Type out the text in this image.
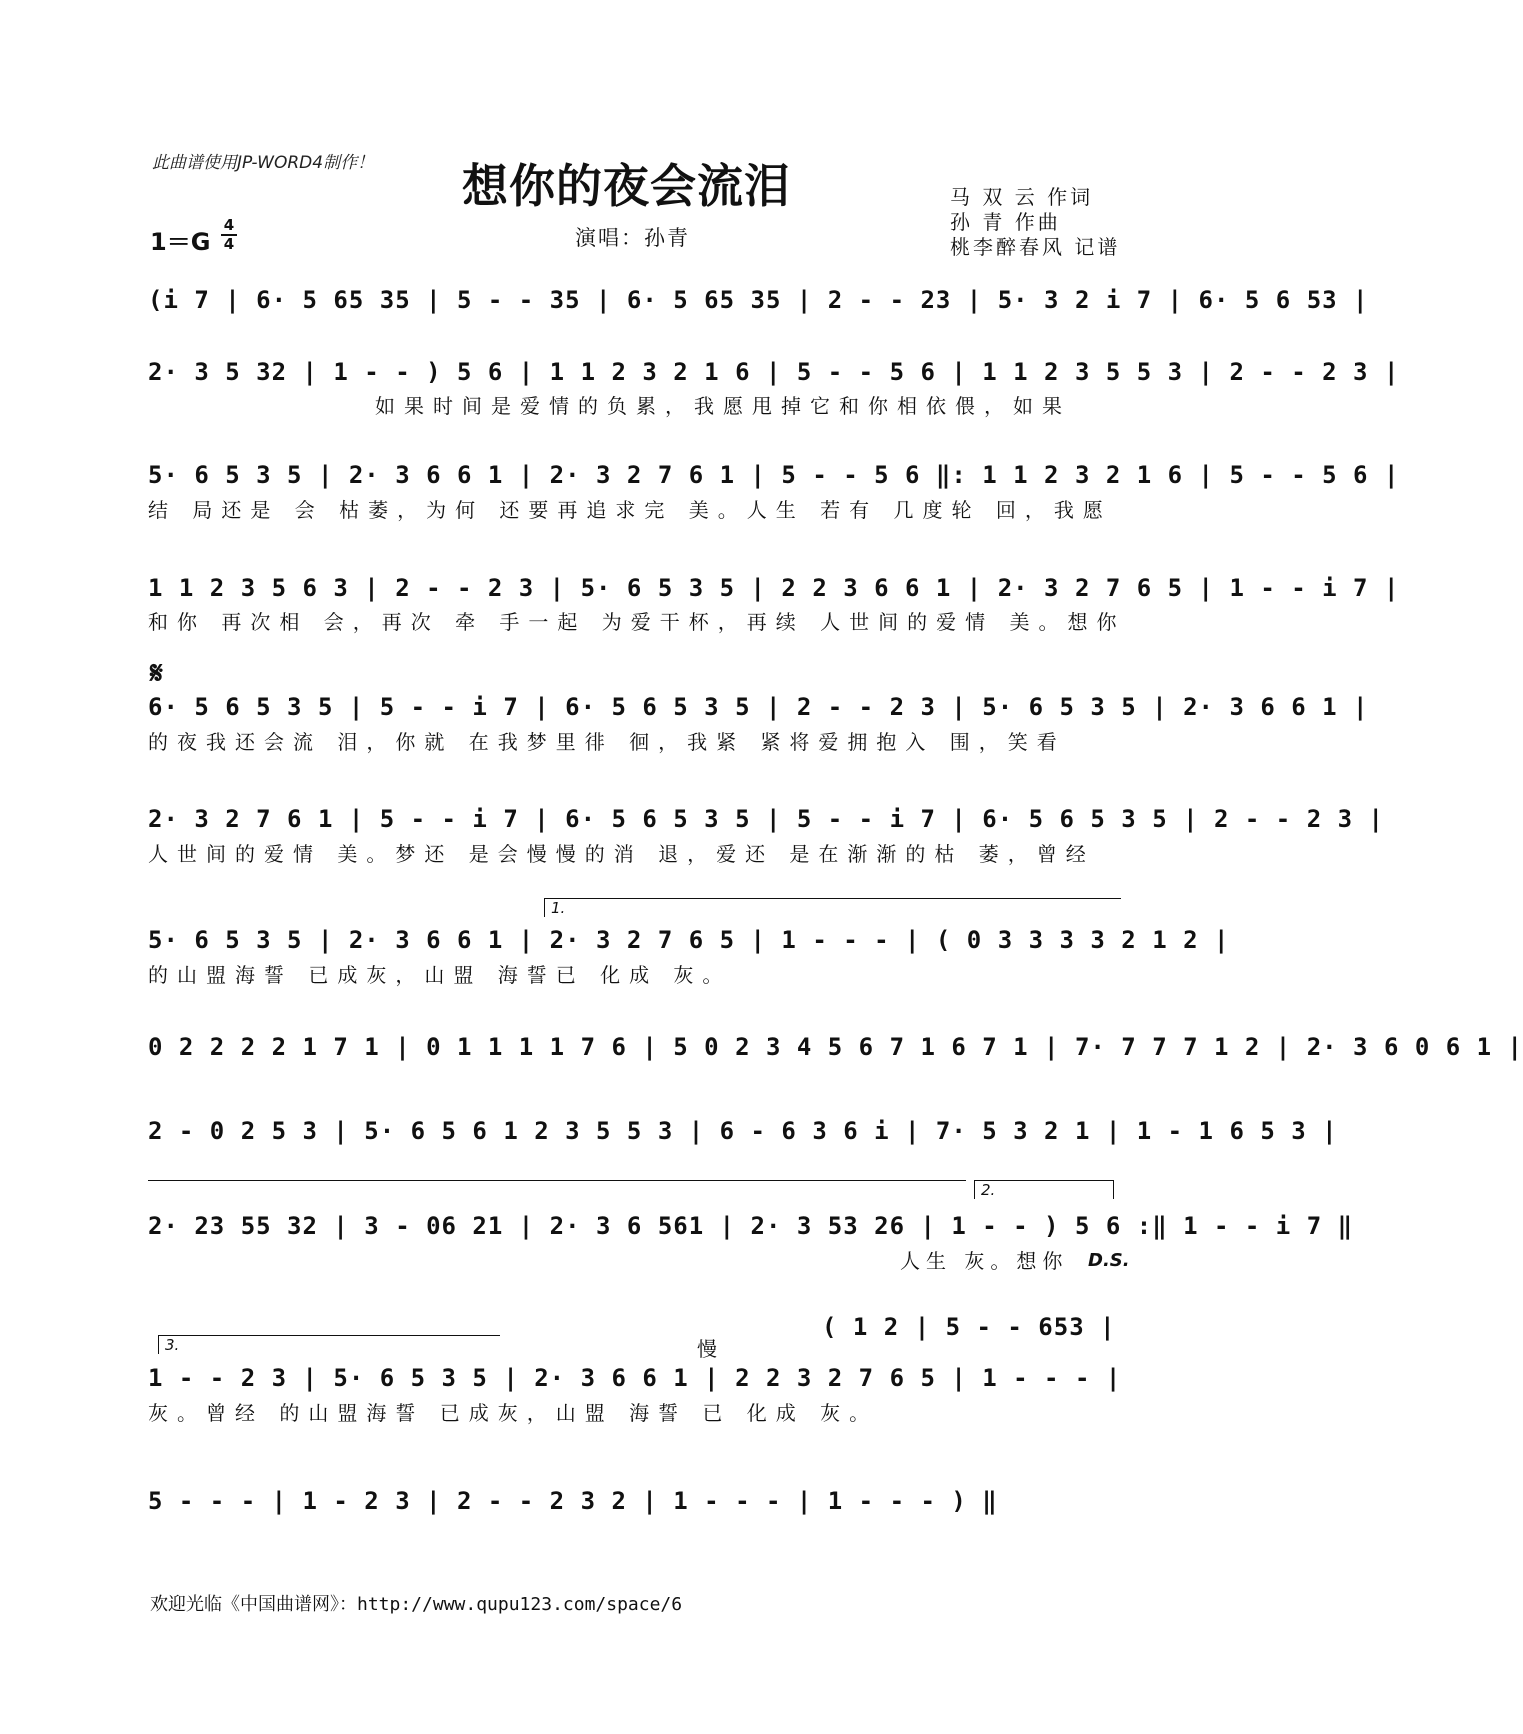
此曲谱使用JP-WORD4制作！ 想你的夜会流泪	马 双 云 作词
孙 青 作曲
桃李醉春风 记谱
1＝G
4
4	演唱：孙青
(i 7 | 6· 5 65 35 | 5 - - 35 | 6· 5 65 35 | 2 - - 23 | 5· 3 2 i 7 | 6· 5 6 53 |
2· 3 5 32 | 1 - - ) 5 6 | 1 1 2 3 2 1 6 | 5 - - 5 6 | 1 1 2 3 5 5 3 | 2 - - 2 3 |
如果时间是爱情的负累，我愿甩掉它和你相依偎，如果
5· 6 5 3 5 | 2· 3 6 6 1 | 2· 3 2 7 6 1 | 5 - - 5 6 ‖: 1 1 2 3 2 1 6 | 5 - - 5 6 |
结 局还是 会 枯萎，为何 还要再追求完 美。人生 若有 几度轮 回，我愿
1 1 2 3 5 6 3 | 2 - - 2 3 | 5· 6 5 3 5 | 2 2 3 6 6 1 | 2· 3 2 7 6 5 | 1 - - i 7 |
和你 再次相 会，再次 牵 手一起 为爱干杯，再续 人世间的爱情 美。想你
𝄋
6· 5 6 5 3 5 | 5 - - i 7 | 6· 5 6 5 3 5 | 2 - - 2 3 | 5· 6 5 3 5 | 2· 3 6 6 1 |
的夜我还会流 泪，你就 在我梦里徘 徊，我紧 紧将爱拥抱入 围，笑看
2· 3 2 7 6 1 | 5 - - i 7 | 6· 5 6 5 3 5 | 5 - - i 7 | 6· 5 6 5 3 5 | 2 - - 2 3 |
人世间的爱情 美。梦还 是会慢慢的消 退，爱还 是在渐渐的枯 萎，曾经
1.
5· 6 5 3 5 | 2· 3 6 6 1 | 2· 3 2 7 6 5 | 1 - - - | ( 0 3 3 3 3 2 1 2 |
的山盟海誓 已成灰，山盟 海誓已 化成 灰。
0 2 2 2 2 1 7 1 | 0 1 1 1 1 7 6 | 5 0 2 3 4 5 6 7 1 6 7 1 | 7· 7 7 7 1 2 | 2· 3 6 0 6 1 |
2 - 0 2 5 3 | 5· 6 5 6 1 2 3 5 5 3 | 6 - 6 3 6 i | 7· 5 3 2 1 | 1 - 1 6 5 3 |
2.
2· 23 55 32 | 3 - 06 21 | 2· 3 6 561 | 2· 3 53 26 | 1 - - ) 5 6 :‖ 1 - - i 7 ‖
人生 灰。想你	D.S.
3.	慢
( 1 2 | 5 - - 653 |
1 - - 2 3 | 5· 6 5 3 5 | 2· 3 6 6 1 | 2 2 3 2 7 6 5 | 1 - - - |
灰。曾经 的山盟海誓 已成灰，山盟 海誓 已 化成 灰。
5 - - - | 1 - 2 3 | 2 - - 2 3 2 | 1 - - - | 1 - - - ) ‖
欢迎光临《中国曲谱网》：http://www.qupu123.com/space/6
